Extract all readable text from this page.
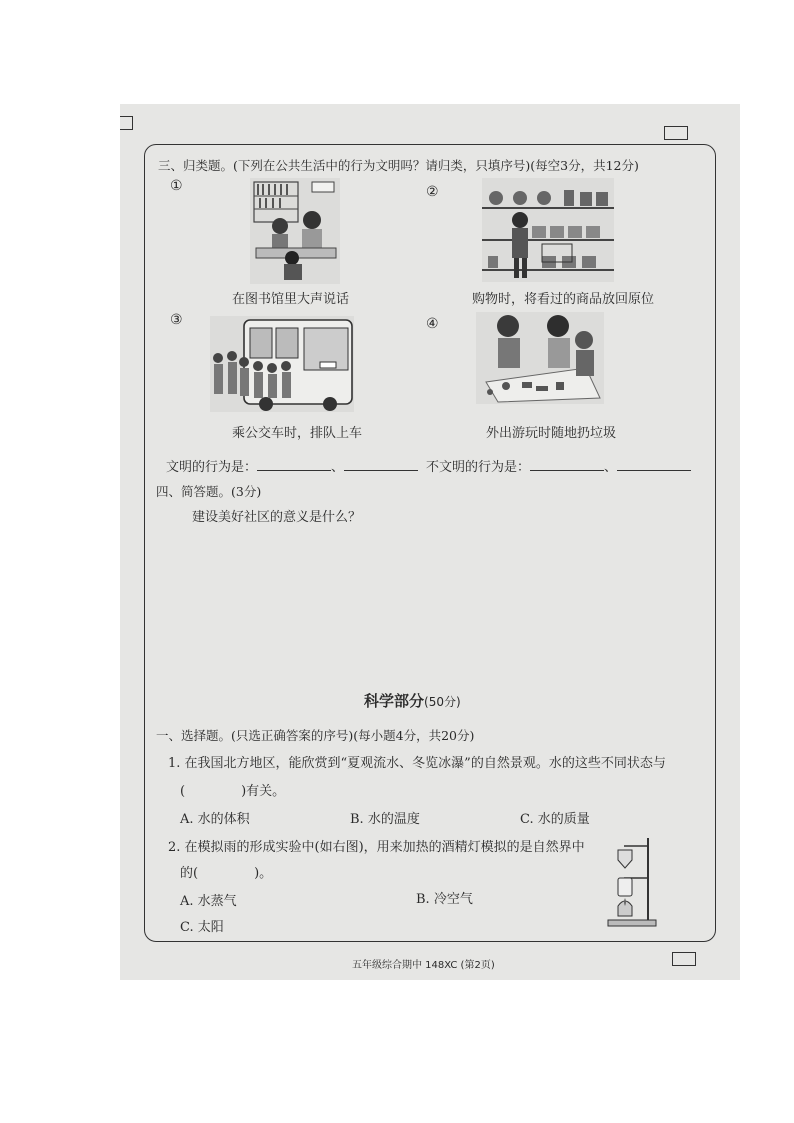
三、归类题。(下列在公共生活中的行为文明吗？请归类，只填序号)(每空3分，共12分)
①
在图书馆里大声说话
②
购物时，将看过的商品放回原位
③
乘公交车时，排队上车
④
外出游玩时随地扔垃圾
文明的行为是：	、	不文明的行为是：	、
四、简答题。(3分)
建设美好社区的意义是什么？
科学部分(50分)
一、选择题。(只选正确答案的序号)(每小题4分，共20分)
1. 在我国北方地区，能欣赏到“夏观流水、冬览冰瀑”的自然景观。水的这些不同状态与
(	)有关。
A. 水的体积	B. 水的温度	C. 水的质量
2. 在模拟雨的形成实验中(如右图)，用来加热的酒精灯模拟的是自然界中
的(	)。
A. 水蒸气	B. 冷空气
C. 太阳
五年级综合期中 148XC (第2页)
